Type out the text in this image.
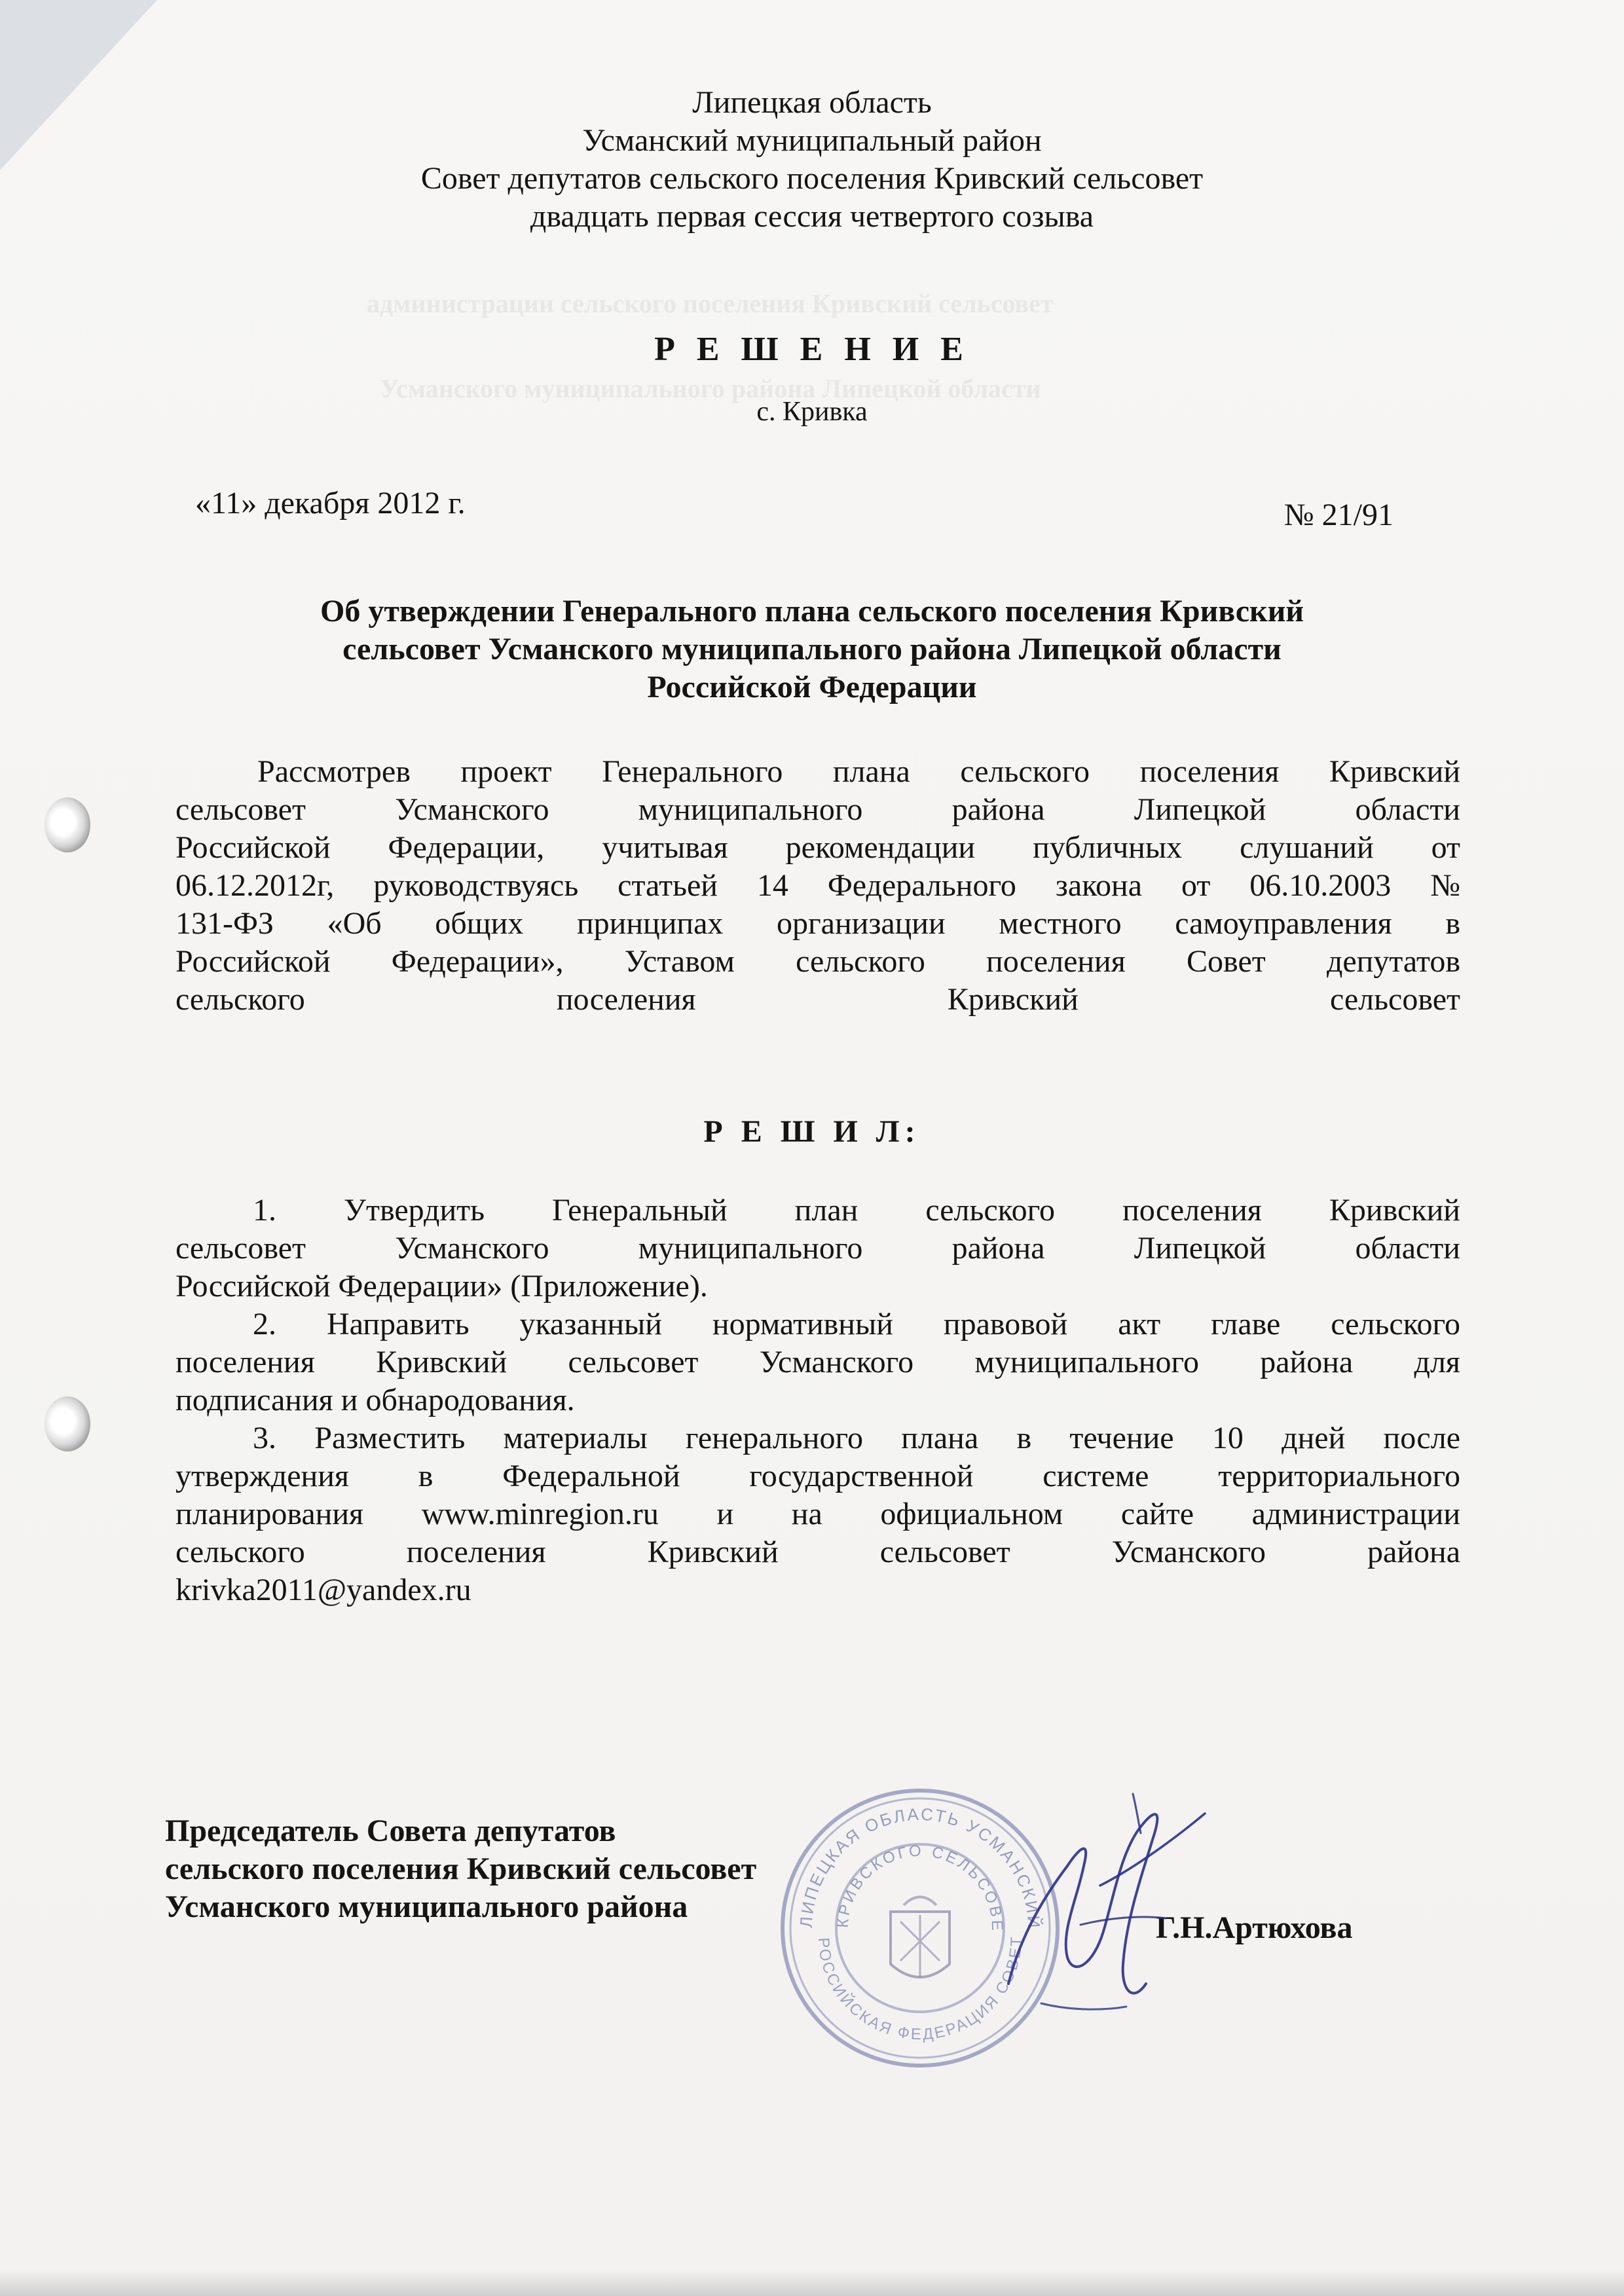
администрации сельского поселения Кривский сельсовет
Усманского муниципального района Липецкой области
Липецкая область
Усманский муниципальный район
Совет депутатов сельского поселения Кривский сельсовет
двадцать первая сессия четвертого созыва
Р Е Ш Е Н И Е
с. Кривка
«11» декабря 2012 г.	№ 21/91
Об утверждении Генерального плана сельского поселения Кривский
сельсовет Усманского муниципального района Липецкой области
Российской Федерации
Рассмотрев проект Генерального плана сельского поселения Кривский
сельсовет Усманского муниципального района Липецкой области
Российской Федерации, учитывая рекомендации публичных слушаний от
06.12.2012г, руководствуясь статьей 14 Федерального закона от 06.10.2003 №
131-ФЗ «Об общих принципах организации местного самоуправления в
Российской Федерации», Уставом сельского поселения Совет депутатов
сельского поселения Кривский сельсовет
Р Е Ш И Л:
1. Утвердить Генеральный план сельского поселения Кривский
сельсовет Усманского муниципального района Липецкой области
Российской Федерации» (Приложение).
2. Направить указанный нормативный правовой акт главе сельского
поселения Кривский сельсовет Усманского муниципального района для
подписания и обнародования.
3. Разместить материалы генерального плана в течение 10 дней после
утверждения в Федеральной государственной системе территориального
планирования www.minregion.ru и на официальном сайте администрации
сельского поселения Кривский сельсовет Усманского района
krivka2011@yandex.ru
Председатель Совета депутатов
сельского поселения Кривский сельсовет
Усманского муниципального района
Г.Н.Артюхова
ЛИПЕЦКАЯ ОБЛАСТЬ УСМАНСКИЙ
РОССИЙСКАЯ ФЕДЕРАЦИЯ СОВЕТ
КРИВСКОГО СЕЛЬСОВЕ
